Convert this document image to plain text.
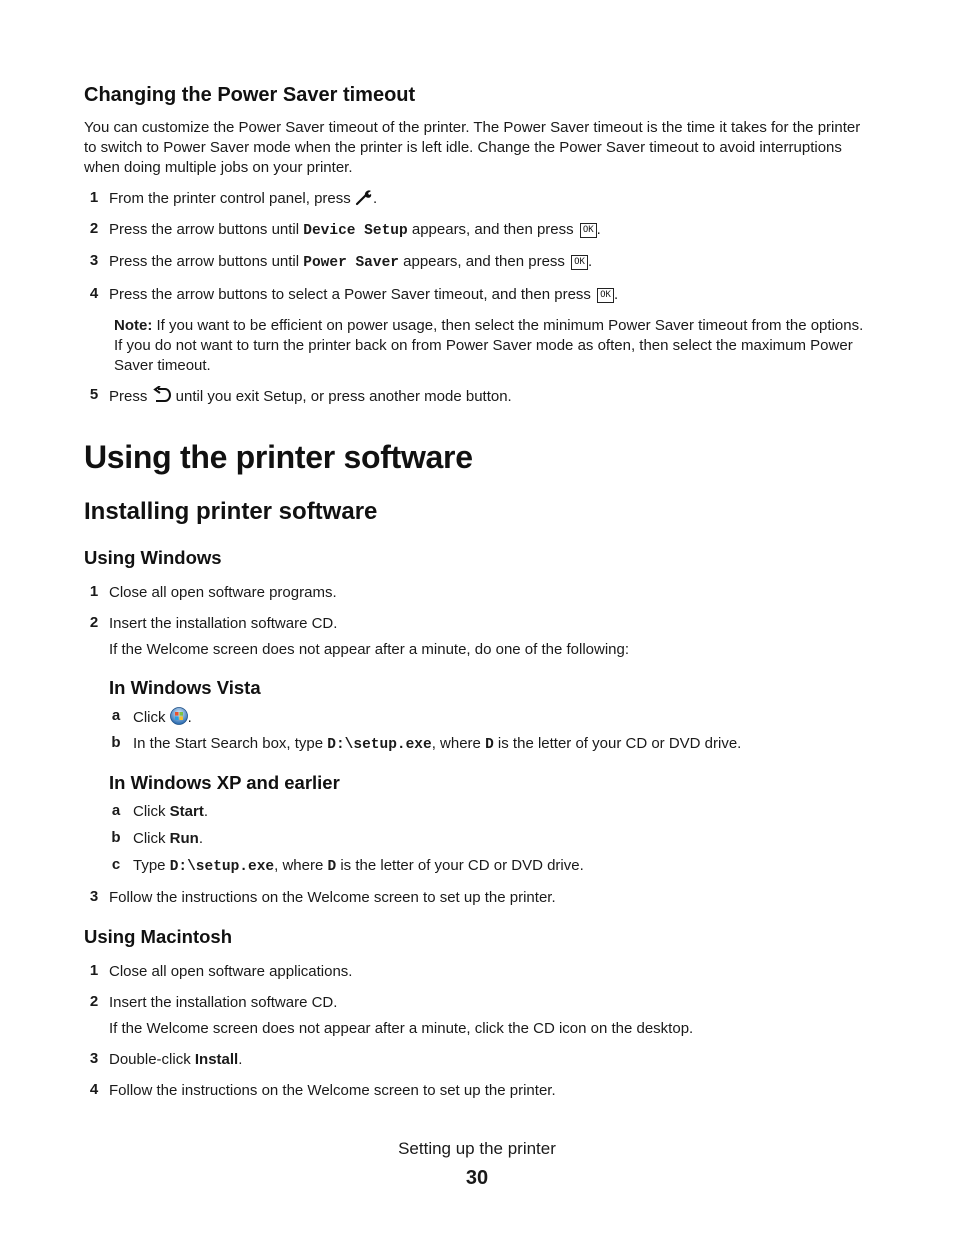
Changing the Power Saver timeout
You can customize the Power Saver timeout of the printer. The Power Saver timeout is the time it takes for the printer to switch to Power Saver mode when the printer is left idle. Change the Power Saver timeout to avoid interruptions when doing multiple jobs on your printer.
1 From the printer control panel, press .
2 Press the arrow buttons until Device Setup appears, and then press OK .
3 Press the arrow buttons until Power Saver appears, and then press OK .
4 Press the arrow buttons to select a Power Saver timeout, and then press OK .
Note: If you want to be efficient on power usage, then select the minimum Power Saver timeout from the options. If you do not want to turn the printer back on from Power Saver mode as often, then select the maximum Power Saver timeout.
5 Press  until you exit Setup, or press another mode button.
Using the printer software
Installing printer software
Using Windows
1 Close all open software programs.
2 Insert the installation software CD.
If the Welcome screen does not appear after a minute, do one of the following:
In Windows Vista
a Click .
b In the Start Search box, type D:\setup.exe, where D is the letter of your CD or DVD drive.
In Windows XP and earlier
a Click Start.
b Click Run.
c Type D:\setup.exe, where D is the letter of your CD or DVD drive.
3 Follow the instructions on the Welcome screen to set up the printer.
Using Macintosh
1 Close all open software applications.
2 Insert the installation software CD.
If the Welcome screen does not appear after a minute, click the CD icon on the desktop.
3 Double-click Install.
4 Follow the instructions on the Welcome screen to set up the printer.
Setting up the printer
30
